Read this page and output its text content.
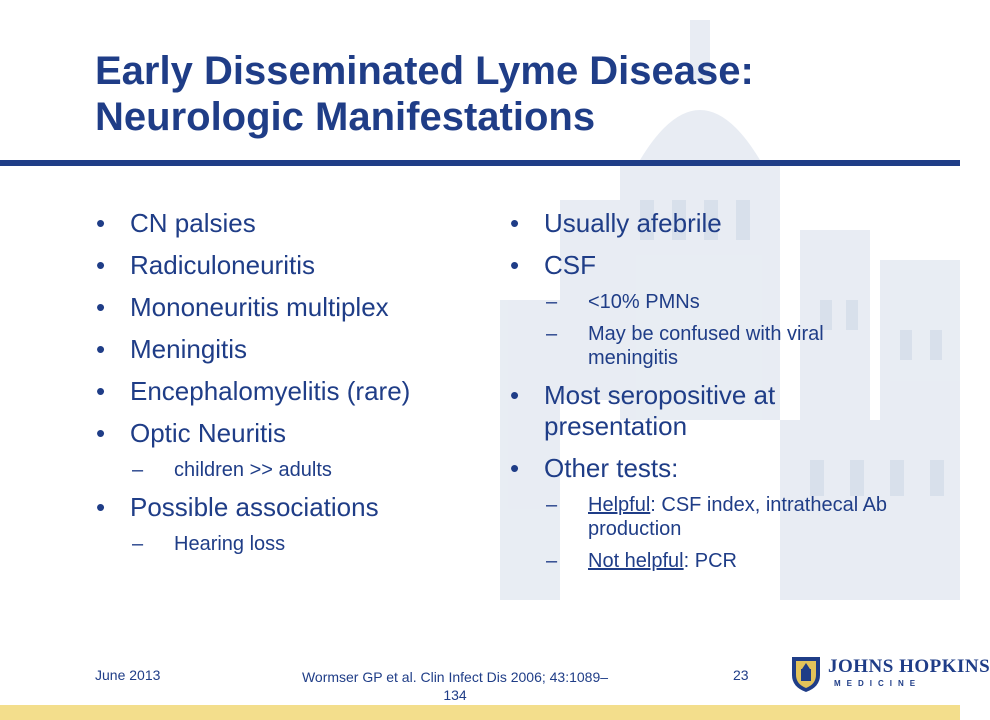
Early Disseminated Lyme Disease:
Neurologic Manifestations
• CN palsies
• Radiculoneuritis
• Mononeuritis multiplex
• Meningitis
• Encephalomyelitis (rare)
• Optic Neuritis
– children >> adults
• Possible associations
– Hearing loss
• Usually afebrile
• CSF
– <10% PMNs
– May be confused with viral meningitis
• Most seropositive at presentation
• Other tests:
– Helpful: CSF index, intrathecal Ab production
– Not helpful: PCR
June 2013	Wormser GP et al. Clin Infect Dis 2006; 43:1089–134
23	JOHNS HOPKINS
MEDICINE
